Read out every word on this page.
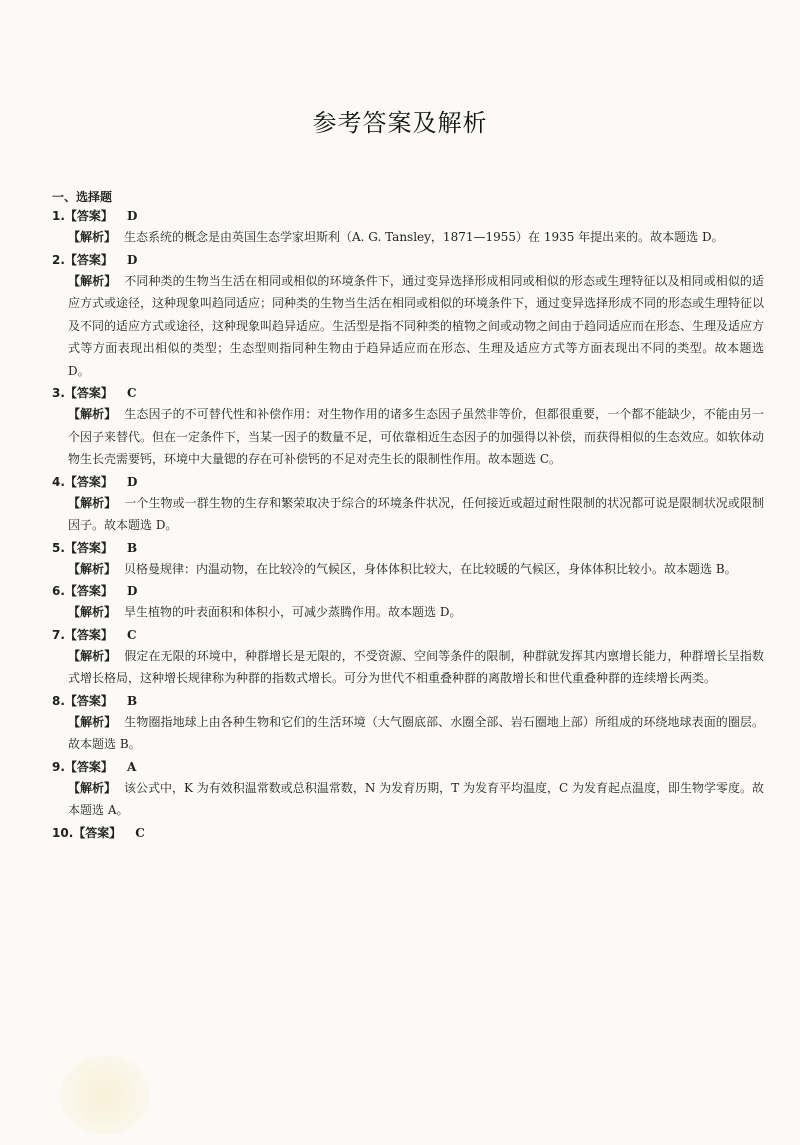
参考答案及解析
一、选择题
1.【答案】 D
【解析】 生态系统的概念是由英国生态学家坦斯利（A. G. Tansley，1871—1955）在 1935 年提出来的。故本题选 D。
2.【答案】 D
【解析】 不同种类的生物当生活在相同或相似的环境条件下，通过变异选择形成相同或相似的形态或生理特征以及相同或相似的适应方式或途径，这种现象叫趋同适应；同种类的生物当生活在相同或相似的环境条件下，通过变异选择形成不同的形态或生理特征以及不同的适应方式或途径，这种现象叫趋异适应。生活型是指不同种类的植物之间或动物之间由于趋同适应而在形态、生理及适应方式等方面表现出相似的类型；生态型则指同种生物由于趋异适应而在形态、生理及适应方式等方面表现出不同的类型。故本题选 D。
3.【答案】 C
【解析】 生态因子的不可替代性和补偿作用：对生物作用的诸多生态因子虽然非等价，但都很重要，一个都不能缺少，不能由另一个因子来替代。但在一定条件下，当某一因子的数量不足，可依靠相近生态因子的加强得以补偿，而获得相似的生态效应。如软体动物生长壳需要钙，环境中大量锶的存在可补偿钙的不足对壳生长的限制性作用。故本题选 C。
4.【答案】 D
【解析】 一个生物或一群生物的生存和繁荣取决于综合的环境条件状况，任何接近或超过耐性限制的状况都可说是限制状况或限制因子。故本题选 D。
5.【答案】 B
【解析】 贝格曼规律：内温动物，在比较冷的气候区，身体体积比较大，在比较暖的气候区，身体体积比较小。故本题选 B。
6.【答案】 D
【解析】 旱生植物的叶表面积和体积小，可减少蒸腾作用。故本题选 D。
7.【答案】 C
【解析】 假定在无限的环境中，种群增长是无限的，不受资源、空间等条件的限制，种群就发挥其内禀增长能力，种群增长呈指数式增长格局，这种增长规律称为种群的指数式增长。可分为世代不相重叠种群的离散增长和世代重叠种群的连续增长两类。
8.【答案】 B
【解析】 生物圈指地球上由各种生物和它们的生活环境（大气圈底部、水圈全部、岩石圈地上部）所组成的环绕地球表面的圈层。故本题选 B。
9.【答案】 A
【解析】 该公式中，K 为有效积温常数或总积温常数，N 为发育历期，T 为发育平均温度，C 为发育起点温度，即生物学零度。故本题选 A。
10.【答案】 C
